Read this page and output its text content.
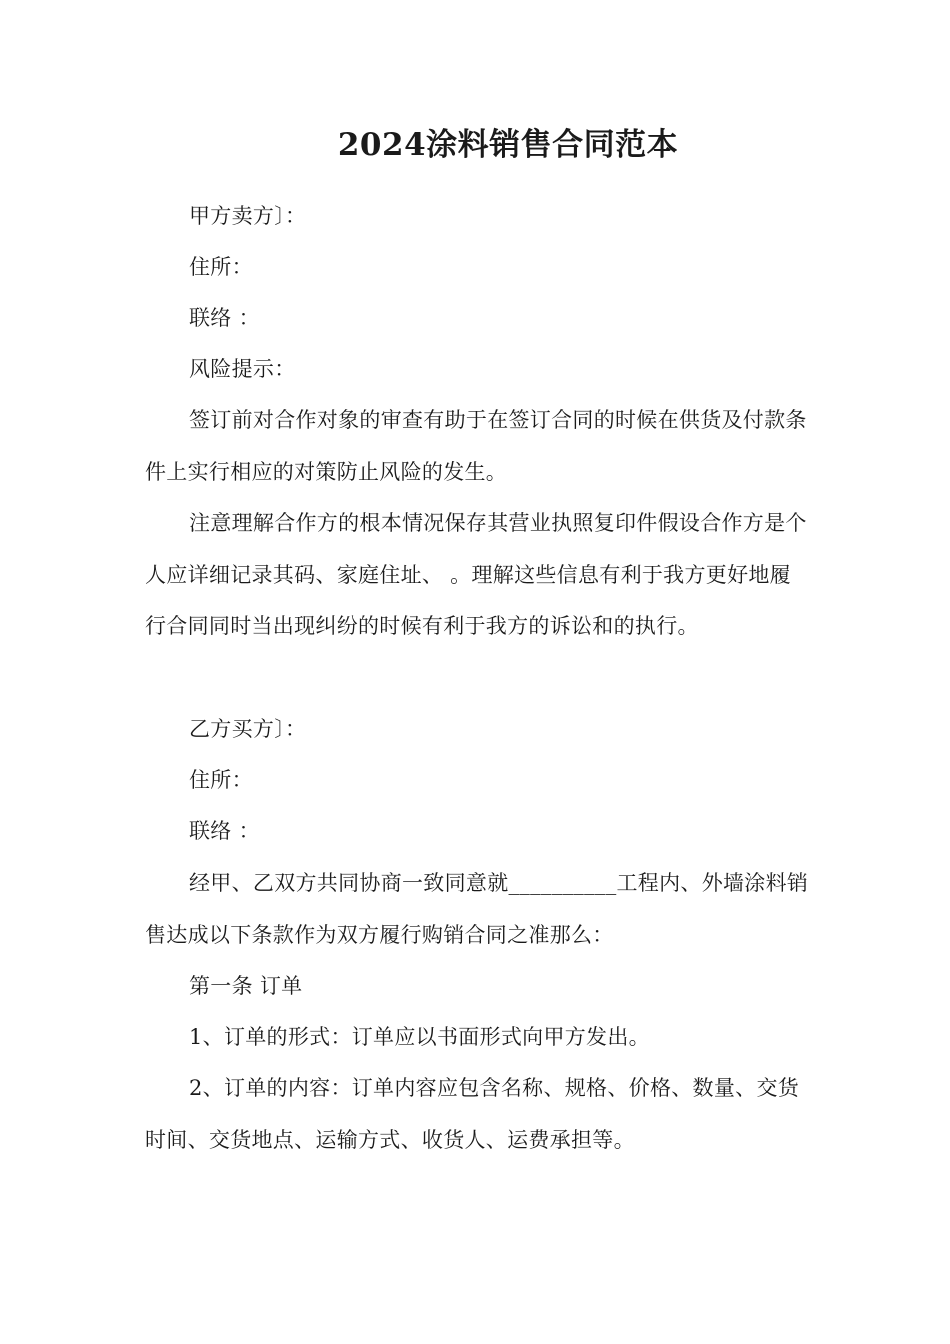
2024涂料销售合同范本

甲方卖方〕：

住所：

联络 ：

风险提示：

签订前对合作对象的审查有助于在签订合同的时候在供货及付款条件上实行相应的对策防止风险的发生。

注意理解合作方的根本情况保存其营业执照复印件假设合作方是个人应详细记录其码、家庭住址、 。理解这些信息有利于我方更好地履行合同同时当出现纠纷的时候有利于我方的诉讼和的执行。

乙方买方〕：

住所：

联络 ：

经甲、乙双方共同协商一致同意就__________工程内、外墙涂料销售达成以下条款作为双方履行购销合同之准那么：

第一条 订单

1、订单的形式：订单应以书面形式向甲方发出。

2、订单的内容：订单内容应包含名称、规格、价格、数量、交货时间、交货地点、运输方式、收货人、运费承担等。
